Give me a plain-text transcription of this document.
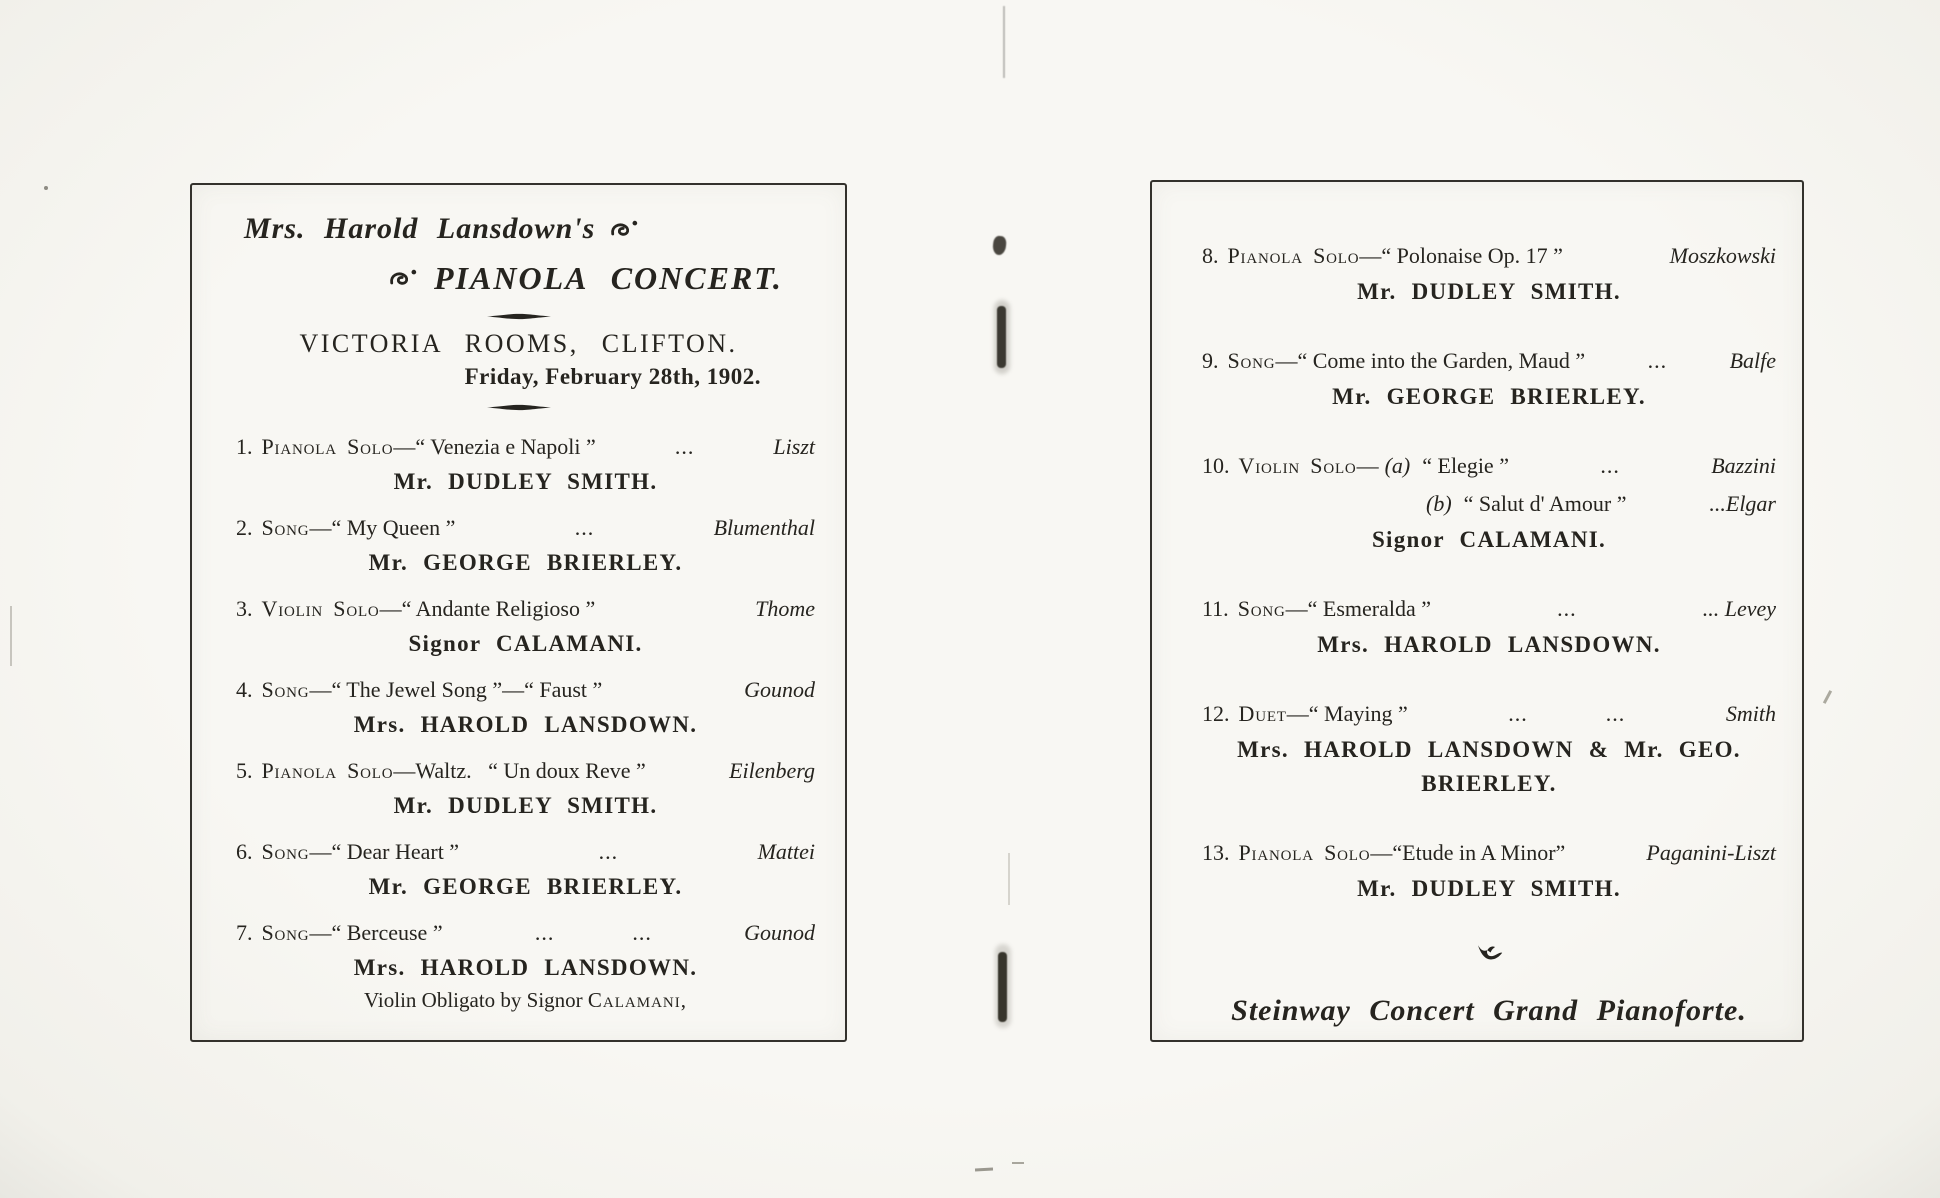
Mrs. Harold Lansdown's
PIANOLA CONCERT.
VICTORIA ROOMS, CLIFTON.
Friday, February 28th, 1902.
1. Pianola Solo —“ Venezia e Napoli ”	...	Liszt
Mr. DUDLEY SMITH.
2. Song —“ My Queen ”	...	Blumenthal
Mr. GEORGE BRIERLEY.
3. Violin Solo —“ Andante Religioso ”	Thome
Signor CALAMANI.
4. Song —“ The Jewel Song ”—“ Faust ”	Gounod
Mrs. HAROLD LANSDOWN.
5. Pianola Solo —Waltz.   “ Un doux Reve ”	Eilenberg
Mr. DUDLEY SMITH.
6. Song —“ Dear Heart ”	...	Mattei
Mr. GEORGE BRIERLEY.
7. Song —“ Berceuse ”	...            ...	Gounod
Mrs. HAROLD LANSDOWN.
Violin Obligato by Signor Calamani,
8. Pianola Solo —“ Polonaise Op. 17 ”	Moszkowski
Mr. DUDLEY SMITH.
9. Song —“ Come into the Garden, Maud ”	...	Balfe
Mr. GEORGE BRIERLEY.
10. Violin Solo — (a) “ Elegie ”	...	Bazzini
(b) “ Salut d' Amour ”	...Elgar
Signor CALAMANI.
11. Song —“ Esmeralda ”	...	... Levey
Mrs. HAROLD LANSDOWN.
12. Duet —“ Maying ”	...            ...	Smith
Mrs. HAROLD LANSDOWN & Mr. GEO. BRIERLEY.
13. Pianola Solo —“Etude in A Minor”	Paganini-Liszt
Mr. DUDLEY SMITH.
Steinway Concert Grand Pianoforte.
